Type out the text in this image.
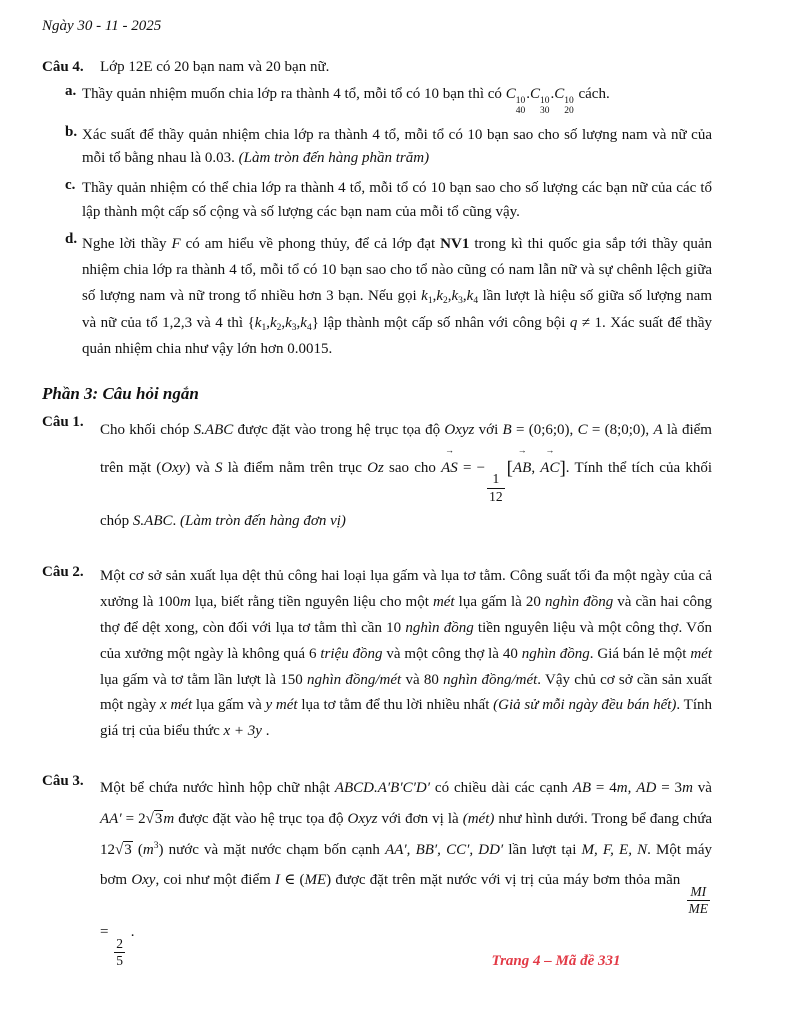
Ngày 30 - 11 - 2025
Câu 4.	Lớp 12E có 20 bạn nam và 20 bạn nữ.
a. Thầy quản nhiệm muốn chia lớp ra thành 4 tổ, mỗi tổ có 10 bạn thì có C 10
40
.C 10
30
.C 10
20
cách.
b. Xác suất để thầy quản nhiệm chia lớp ra thành 4 tổ, mỗi tổ có 10 bạn sao cho số lượng nam và nữ của mỗi tổ bằng nhau là 0.03. (Làm tròn đến hàng phần trăm)
c. Thầy quản nhiệm có thể chia lớp ra thành 4 tổ, mỗi tổ có 10 bạn sao cho số lượng các bạn nữ của các tổ lập thành một cấp số cộng và số lượng các bạn nam của mỗi tổ cũng vậy.
d. Nghe lời thầy F có am hiểu về phong thủy, để cả lớp đạt NV1 trong kì thi quốc gia sắp tới thầy quản nhiệm chia lớp ra thành 4 tổ, mỗi tổ có 10 bạn sao cho tổ nào cũng có nam lẫn nữ và sự chênh lệch giữa số lượng nam và nữ trong tổ nhiều hơn 3 bạn. Nếu gọi $k_1,k_2,k_3,k_4$ lần lượt là hiệu số giữa số lượng nam và nữ của tổ 1,2,3 và 4 thì $\{k_1,k_2,k_3,k_4\}$ lập thành một cấp số nhân với công bội q ≠ 1. Xác suất để thầy quản nhiệm chia như vậy lớn hơn 0.0015.
Phần 3: Câu hỏi ngắn
Câu 1.	Cho khối chóp S.ABC được đặt vào trong hệ trục tọa độ Oxyz với B = (0;6;0), C = (8;0;0), A là điểm trên mặt (Oxy) và S là điểm nằm trên trục Oz sao cho
→
AS = −
$\frac{1}{12}$
[
→
AB,
→
AC]. Tính thể tích của khối chóp S.ABC. (Làm tròn đến hàng đơn vị)
Câu 2.	Một cơ sở sản xuất lụa dệt thủ công hai loại lụa gấm và lụa tơ tằm. Công suất tối đa một ngày của cả xưởng là 100m lụa, biết rằng tiền nguyên liệu cho một mét lụa gấm là 20 nghìn đồng và cần hai công thợ để dệt xong, còn đối với lụa tơ tằm thì cần 10 nghìn đồng tiền nguyên liệu và một công thợ. Vốn của xưởng một ngày là không quá 6 triệu đồng và một công thợ là 40 nghìn đồng. Giá bán lẻ một mét lụa gấm và tơ tằm lần lượt là 150 nghìn đồng/mét và 80 nghìn đồng/mét. Vậy chủ cơ sở cần sản xuất một ngày x mét lụa gấm và y mét lụa tơ tằm để thu lời nhiều nhất (Giả sử mỗi ngày đều bán hết). Tính giá trị của biểu thức x + 3y .
Câu 3.	Một bể chứa nước hình hộp chữ nhật ABCD.A′B′C′D′ có chiều dài các cạnh AB = 4m, AD = 3m và AA′ = 2√3m được đặt vào hệ trục tọa độ Oxyz với đơn vị là (mét) như hình dưới. Trong bể đang chứa 12√3 $(m^3)$ nước và mặt nước chạm bốn cạnh AA′, BB′, CC′, DD′ lần lượt tại M, F, E, N. Một máy bơm Oxy, coi như một điểm I ∈ (ME) được đặt trên mặt nước với vị trị của máy bơm thỏa mãn
$\frac{MI}{ME}$
=
$\frac{2}{5}$
.
Trang 4 – Mã đề 331
